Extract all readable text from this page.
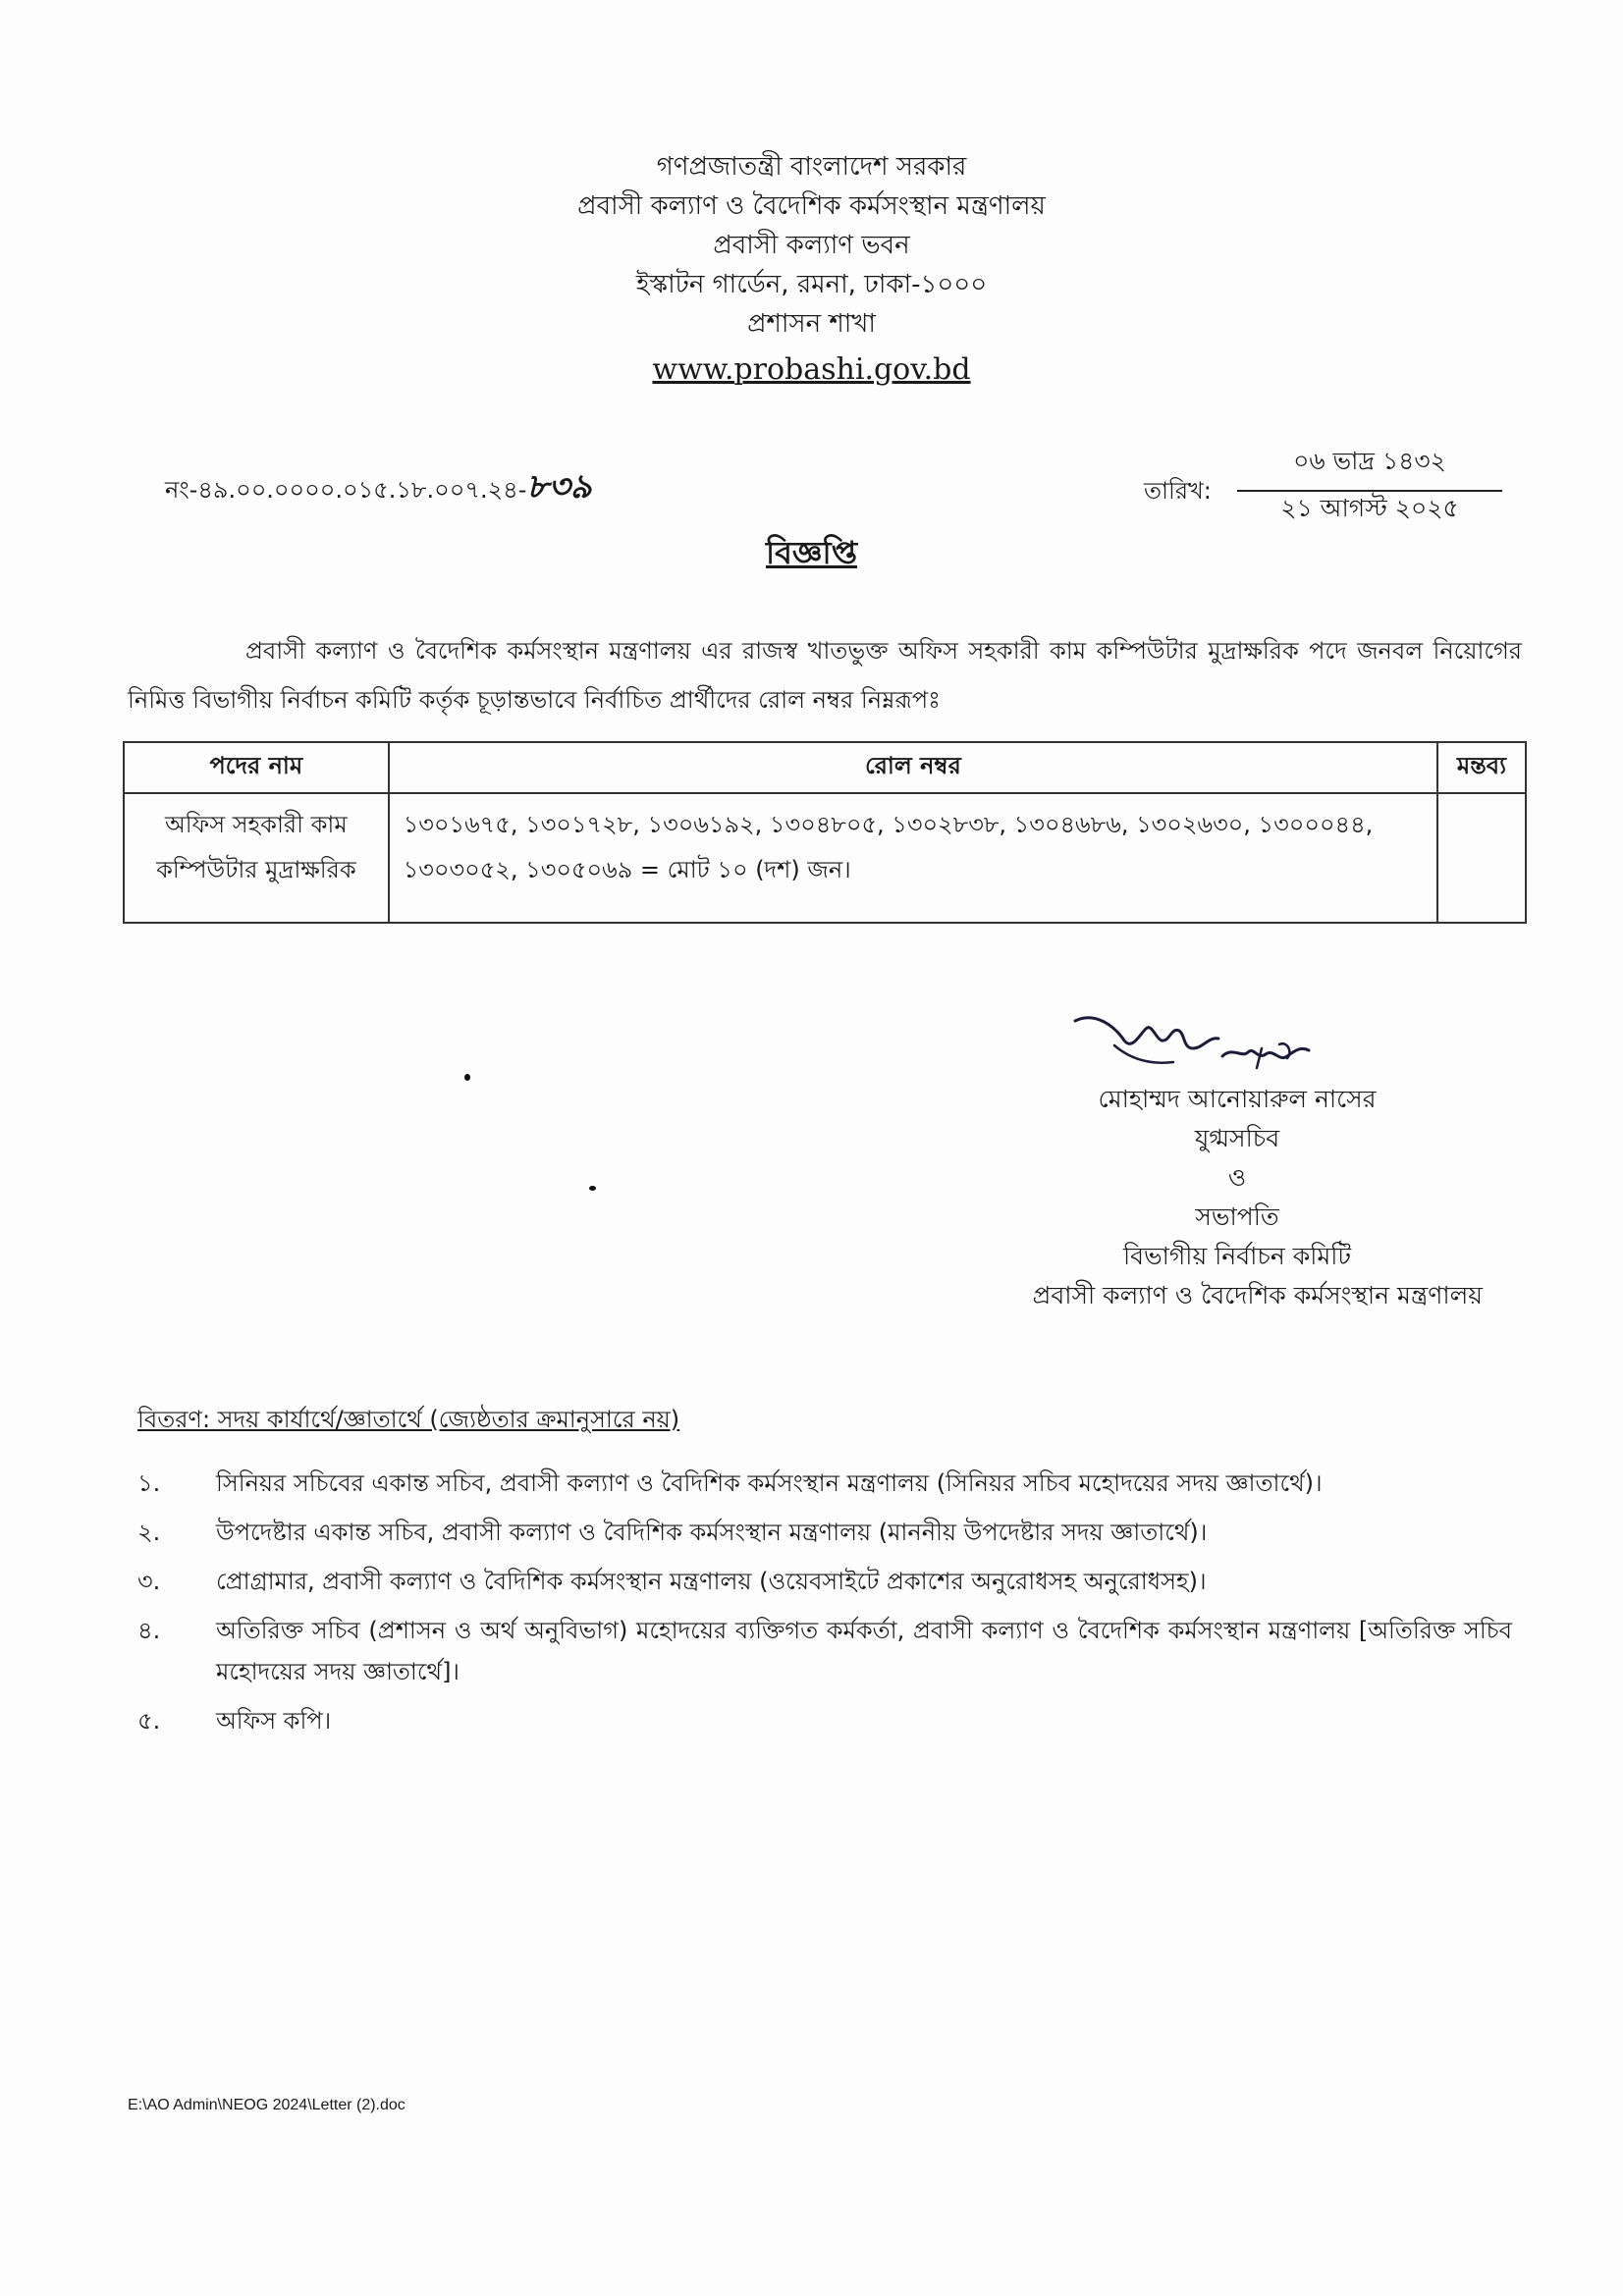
গণপ্রজাতন্ত্রী বাংলাদেশ সরকার
প্রবাসী কল্যাণ ও বৈদেশিক কর্মসংস্থান মন্ত্রণালয়
প্রবাসী কল্যাণ ভবন
ইস্কাটন গার্ডেন, রমনা, ঢাকা-১০০০
প্রশাসন শাখা
www.probashi.gov.bd
নং-৪৯.০০.০০০০.০১৫.১৮.০০৭.২৪-৮৩৯	তারিখ:
০৬ ভাদ্র ১৪৩২
২১ আগস্ট ২০২৫
বিজ্ঞপ্তি
প্রবাসী কল্যাণ ও বৈদেশিক কর্মসংস্থান মন্ত্রণালয় এর রাজস্ব খাতভুক্ত অফিস সহকারী কাম কম্পিউটার মুদ্রাক্ষরিক পদে জনবল নিয়োগের নিমিত্ত বিভাগীয় নির্বাচন কমিটি কর্তৃক চূড়ান্তভাবে নির্বাচিত প্রার্থীদের রোল নম্বর নিম্নরূপঃ
পদের নাম	রোল নম্বর	মন্তব্য
অফিস সহকারী কাম কম্পিউটার মুদ্রাক্ষরিক	১৩০১৬৭৫, ১৩০১৭২৮, ১৩০৬১৯২, ১৩০৪৮০৫, ১৩০২৮৩৮, ১৩০৪৬৮৬, ১৩০২৬৩০, ১৩০০০৪৪, ১৩০৩০৫২, ১৩০৫০৬৯ = মোট ১০ (দশ) জন।	
মোহাম্মদ আনোয়ারুল নাসের
যুগ্মসচিব
ও
সভাপতি
বিভাগীয় নির্বাচন কমিটি
প্রবাসী কল্যাণ ও বৈদেশিক কর্মসংস্থান মন্ত্রণালয়
বিতরণ: সদয় কার্যার্থে/জ্ঞাতার্থে (জ্যেষ্ঠতার ক্রমানুসারে নয়)
১.	সিনিয়র সচিবের একান্ত সচিব, প্রবাসী কল্যাণ ও বৈদিশিক কর্মসংস্থান মন্ত্রণালয় (সিনিয়র সচিব মহোদয়ের সদয় জ্ঞাতার্থে)।
২.	উপদেষ্টার একান্ত সচিব, প্রবাসী কল্যাণ ও বৈদিশিক কর্মসংস্থান মন্ত্রণালয় (মাননীয় উপদেষ্টার সদয় জ্ঞাতার্থে)।
৩.	প্রোগ্রামার, প্রবাসী কল্যাণ ও বৈদিশিক কর্মসংস্থান মন্ত্রণালয় (ওয়েবসাইটে প্রকাশের অনুরোধসহ অনুরোধসহ)।
৪.	অতিরিক্ত সচিব (প্রশাসন ও অর্থ অনুবিভাগ) মহোদয়ের ব্যক্তিগত কর্মকর্তা, প্রবাসী কল্যাণ ও বৈদেশিক কর্মসংস্থান মন্ত্রণালয় [অতিরিক্ত সচিব মহোদয়ের সদয় জ্ঞাতার্থে]।
৫.	অফিস কপি।
E:\AO Admin\NEOG 2024\Letter (2).doc
